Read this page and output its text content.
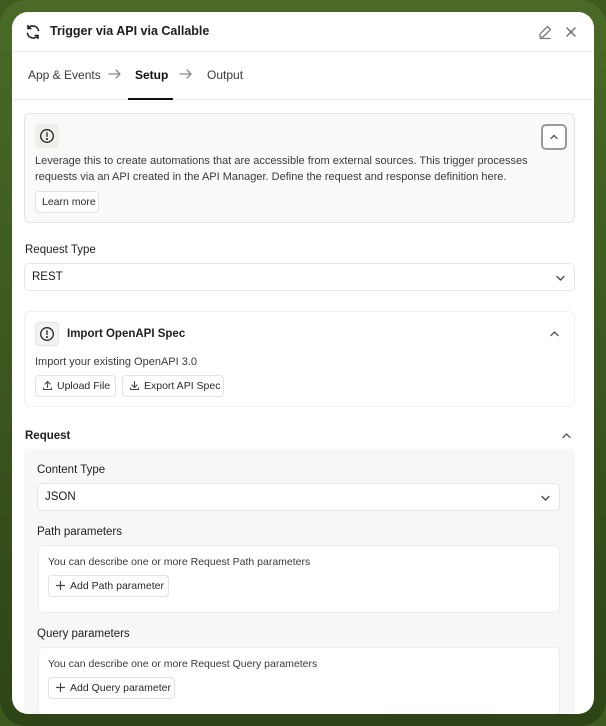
Trigger via API via Callable
App & Events	Setup	Output
Leverage this to create automations that are accessible from external sources. This trigger processes requests via an API created in the API Manager. Define the request and response definition here.
Learn more
Request Type
REST
Import OpenAPI Spec
Import your existing OpenAPI 3.0
Upload File	Export API Spec
Request
Content Type
JSON
Path parameters
You can describe one or more Request Path parameters
Add Path parameter
Query parameters
You can describe one or more Request Query parameters
Add Query parameter
